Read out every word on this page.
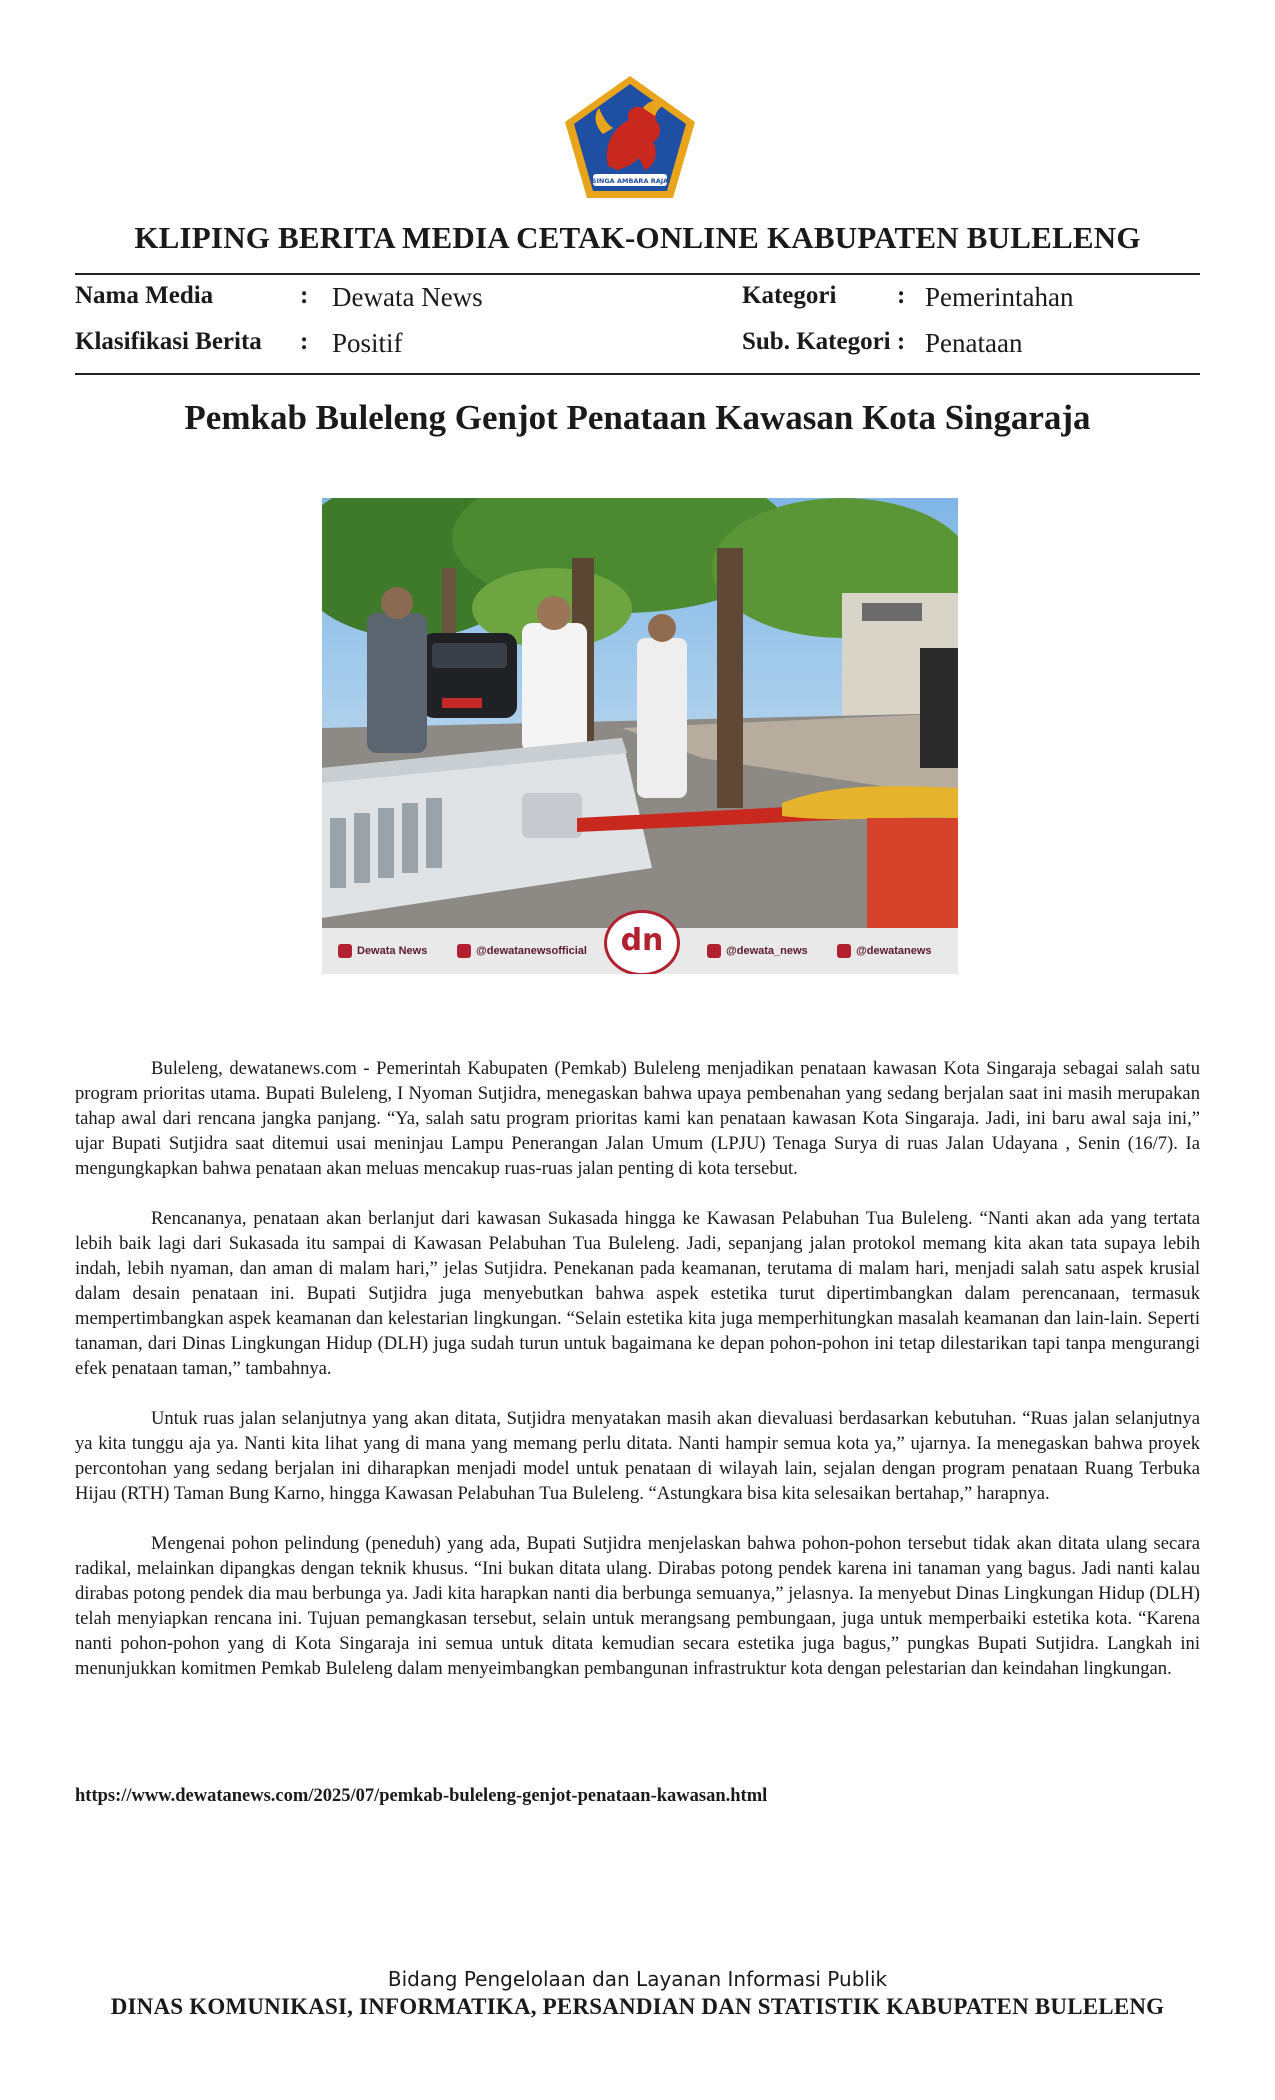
SINGA AMBARA RAJA
KLIPING BERITA MEDIA CETAK-ONLINE KABUPATEN BULELENG
Nama Media	: Dewata News	Kategori : Pemerintahan
Klasifikasi Berita : Positif	Sub. Kategori : Penataan
Pemkab Buleleng Genjot Penataan Kawasan Kota Singaraja
Dewata News	@dewatanewsofficial	dn	@dewata_news	@dewatanews

Buleleng, dewatanews.com - Pemerintah Kabupaten (Pemkab) Buleleng menjadikan penataan kawasan Kota Singaraja sebagai salah satu program prioritas utama. Bupati Buleleng, I Nyoman Sutjidra, menegaskan bahwa upaya pembenahan yang sedang berjalan saat ini masih merupakan tahap awal dari rencana jangka panjang. “Ya, salah satu program prioritas kami kan penataan kawasan Kota Singaraja. Jadi, ini baru awal saja ini,” ujar Bupati Sutjidra saat ditemui usai meninjau Lampu Penerangan Jalan Umum (LPJU) Tenaga Surya di ruas Jalan Udayana , Senin (16/7). Ia mengungkapkan bahwa penataan akan meluas mencakup ruas-ruas jalan penting di kota tersebut.

Rencananya, penataan akan berlanjut dari kawasan Sukasada hingga ke Kawasan Pelabuhan Tua Buleleng. “Nanti akan ada yang tertata lebih baik lagi dari Sukasada itu sampai di Kawasan Pelabuhan Tua Buleleng. Jadi, sepanjang jalan protokol memang kita akan tata supaya lebih indah, lebih nyaman, dan aman di malam hari,” jelas Sutjidra. Penekanan pada keamanan, terutama di malam hari, menjadi salah satu aspek krusial dalam desain penataan ini. Bupati Sutjidra juga menyebutkan bahwa aspek estetika turut dipertimbangkan dalam perencanaan, termasuk mempertimbangkan aspek keamanan dan kelestarian lingkungan. “Selain estetika kita juga memperhitungkan masalah keamanan dan lain-lain. Seperti tanaman, dari Dinas Lingkungan Hidup (DLH) juga sudah turun untuk bagaimana ke depan pohon-pohon ini tetap dilestarikan tapi tanpa mengurangi efek penataan taman,” tambahnya.

Untuk ruas jalan selanjutnya yang akan ditata, Sutjidra menyatakan masih akan dievaluasi berdasarkan kebutuhan. “Ruas jalan selanjutnya ya kita tunggu aja ya. Nanti kita lihat yang di mana yang memang perlu ditata. Nanti hampir semua kota ya,” ujarnya. Ia menegaskan bahwa proyek percontohan yang sedang berjalan ini diharapkan menjadi model untuk penataan di wilayah lain, sejalan dengan program penataan Ruang Terbuka Hijau (RTH) Taman Bung Karno, hingga Kawasan Pelabuhan Tua Buleleng. “Astungkara bisa kita selesaikan bertahap,” harapnya.

Mengenai pohon pelindung (peneduh) yang ada, Bupati Sutjidra menjelaskan bahwa pohon-pohon tersebut tidak akan ditata ulang secara radikal, melainkan dipangkas dengan teknik khusus. “Ini bukan ditata ulang. Dirabas potong pendek karena ini tanaman yang bagus. Jadi nanti kalau dirabas potong pendek dia mau berbunga ya. Jadi kita harapkan nanti dia berbunga semuanya,” jelasnya. Ia menyebut Dinas Lingkungan Hidup (DLH) telah menyiapkan rencana ini. Tujuan pemangkasan tersebut, selain untuk merangsang pembungaan, juga untuk memperbaiki estetika kota. “Karena nanti pohon-pohon yang di Kota Singaraja ini semua untuk ditata kemudian secara estetika juga bagus,” pungkas Bupati Sutjidra. Langkah ini menunjukkan komitmen Pemkab Buleleng dalam menyeimbangkan pembangunan infrastruktur kota dengan pelestarian dan keindahan lingkungan.

https://www.dewatanews.com/2025/07/pemkab-buleleng-genjot-penataan-kawasan.html
Bidang Pengelolaan dan Layanan Informasi Publik
DINAS KOMUNIKASI, INFORMATIKA, PERSANDIAN DAN STATISTIK KABUPATEN BULELENG
